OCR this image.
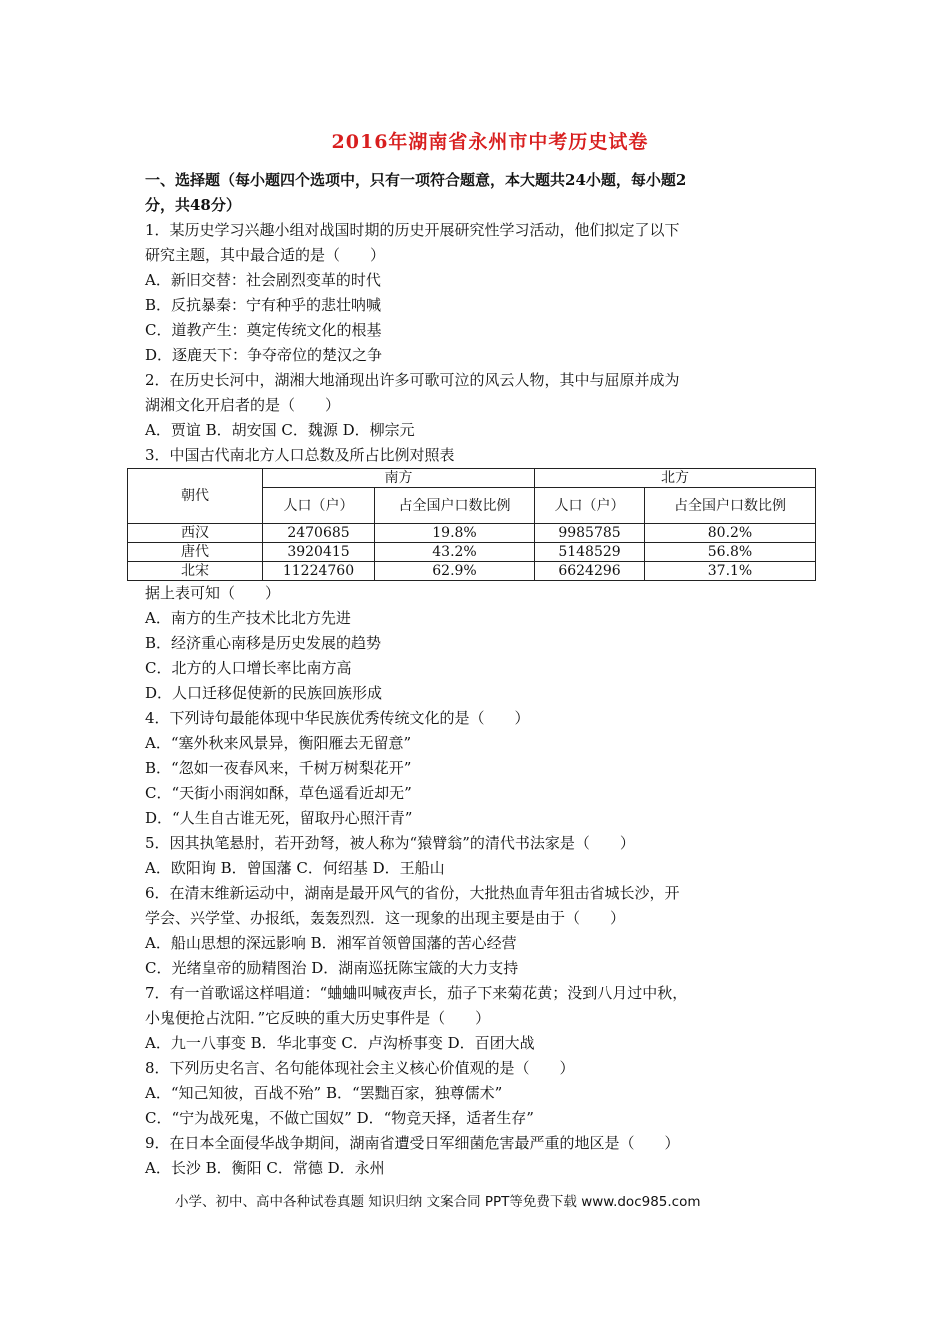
2016年湖南省永州市中考历史试卷

一、选择题（每小题四个选项中，只有一项符合题意，本大题共24小题，每小题2

分，共48分）

1．某历史学习兴趣小组对战国时期的历史开展研究性学习活动，他们拟定了以下

研究主题，其中最合适的是（　　）

A．新旧交替：社会剧烈变革的时代

B．反抗暴秦：宁有种乎的悲壮呐喊

C．道教产生：奠定传统文化的根基

D．逐鹿天下：争夺帝位的楚汉之争

2．在历史长河中，湖湘大地涌现出许多可歌可泣的风云人物，其中与屈原并成为

湖湘文化开启者的是（　　）

A．贾谊 B．胡安国 C．魏源 D．柳宗元

3．中国古代南北方人口总数及所占比例对照表

朝代	南方		北方	
	人口（户）	占全国户口数比例	人口（户）	占全国户口数比例
西汉	2470685	19.8%	9985785	80.2%
唐代	3920415	43.2%	5148529	56.8%
北宋	11224760	62.9%	6624296	37.1%

据上表可知（　　）

A．南方的生产技术比北方先进

B．经济重心南移是历史发展的趋势

C．北方的人口增长率比南方高

D．人口迁移促使新的民族回族形成

4．下列诗句最能体现中华民族优秀传统文化的是（　　）

A．“塞外秋来风景异，衡阳雁去无留意”

B．“忽如一夜春风来，千树万树梨花开”

C．“天街小雨润如酥，草色遥看近却无”

D．“人生自古谁无死，留取丹心照汗青”

5．因其执笔悬肘，若开劲弩，被人称为“猿臂翁”的清代书法家是（　　）

A．欧阳询 B．曾国藩 C．何绍基 D．王船山

6．在清末维新运动中，湖南是最开风气的省份，大批热血青年狙击省城长沙，开

学会、兴学堂、办报纸，轰轰烈烈．这一现象的出现主要是由于（　　）

A．船山思想的深远影响 B．湘军首领曾国藩的苦心经营

C．光绪皇帝的励精图治 D．湖南巡抚陈宝箴的大力支持

7．有一首歌谣这样唱道：“蛐蛐叫喊夜声长，茄子下来菊花黄；没到八月过中秋，

小鬼便抢占沈阳．”它反映的重大历史事件是（　　）

A．九一八事变 B．华北事变 C．卢沟桥事变 D．百团大战

8．下列历史名言、名句能体现社会主义核心价值观的是（　　）

A．“知己知彼，百战不殆” B．“罢黜百家，独尊儒术”

C．“宁为战死鬼，不做亡国奴” D．“物竞天择，适者生存”

9．在日本全面侵华战争期间，湖南省遭受日军细菌危害最严重的地区是（　　）

A．长沙 B．衡阳 C．常德 D．永州

小学、初中、高中各种试卷真题 知识归纳 文案合同 PPT等免费下载 www.doc985.com
